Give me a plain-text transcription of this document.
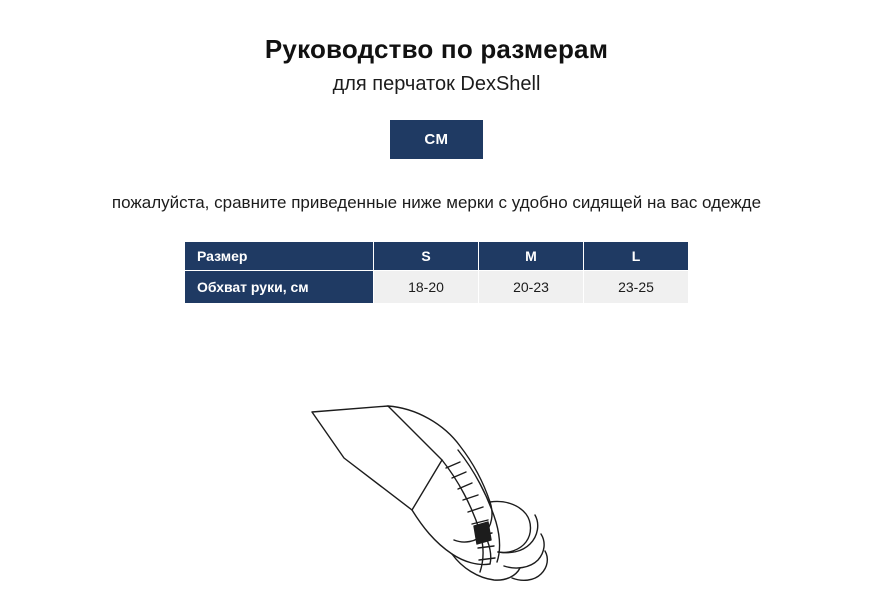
Руководство по размерам
для перчаток DexShell
СМ
пожалуйста, сравните приведенные ниже мерки с удобно сидящей на вас одежде
Размер	S	M	L
Обхват руки, см	18-20	20-23	23-25
